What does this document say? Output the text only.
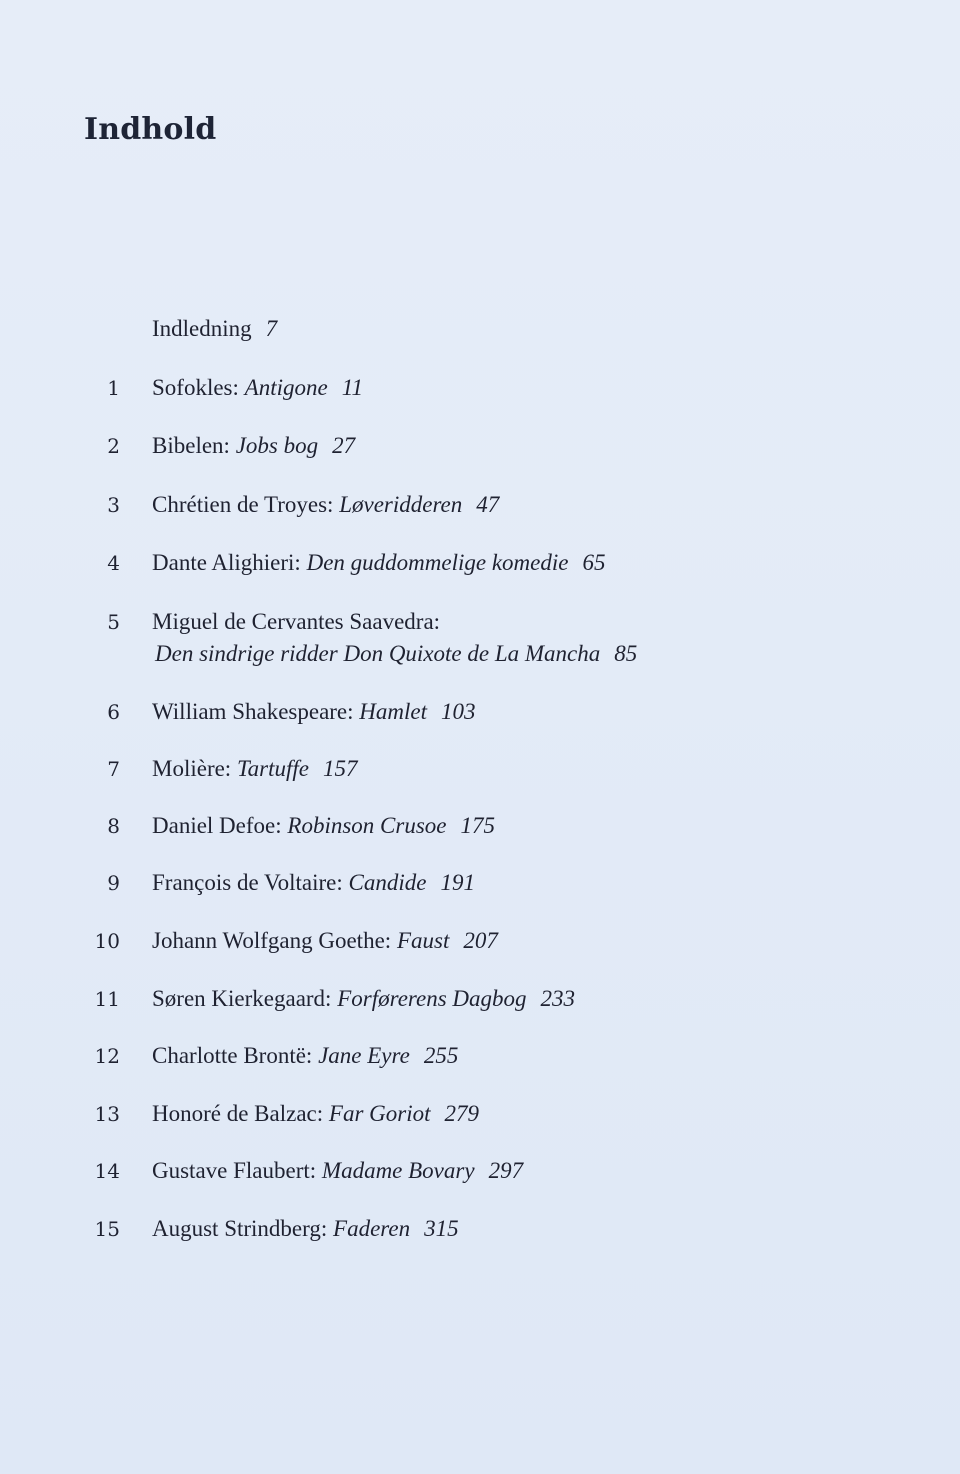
Indhold
Indledning 7
1 Sofokles: Antigone 11
2 Bibelen: Jobs bog 27
3 Chrétien de Troyes: Løveridderen 47
4 Dante Alighieri: Den guddommelige komedie 65
5 Miguel de Cervantes Saavedra:
Den sindrige ridder Don Quixote de La Mancha 85
6 William Shakespeare: Hamlet 103
7 Molière: Tartuffe 157
8 Daniel Defoe: Robinson Crusoe 175
9 François de Voltaire: Candide 191
10 Johann Wolfgang Goethe: Faust 207
11 Søren Kierkegaard: Forførerens Dagbog 233
12 Charlotte Brontë: Jane Eyre 255
13 Honoré de Balzac: Far Goriot 279
14 Gustave Flaubert: Madame Bovary 297
15 August Strindberg: Faderen 315
